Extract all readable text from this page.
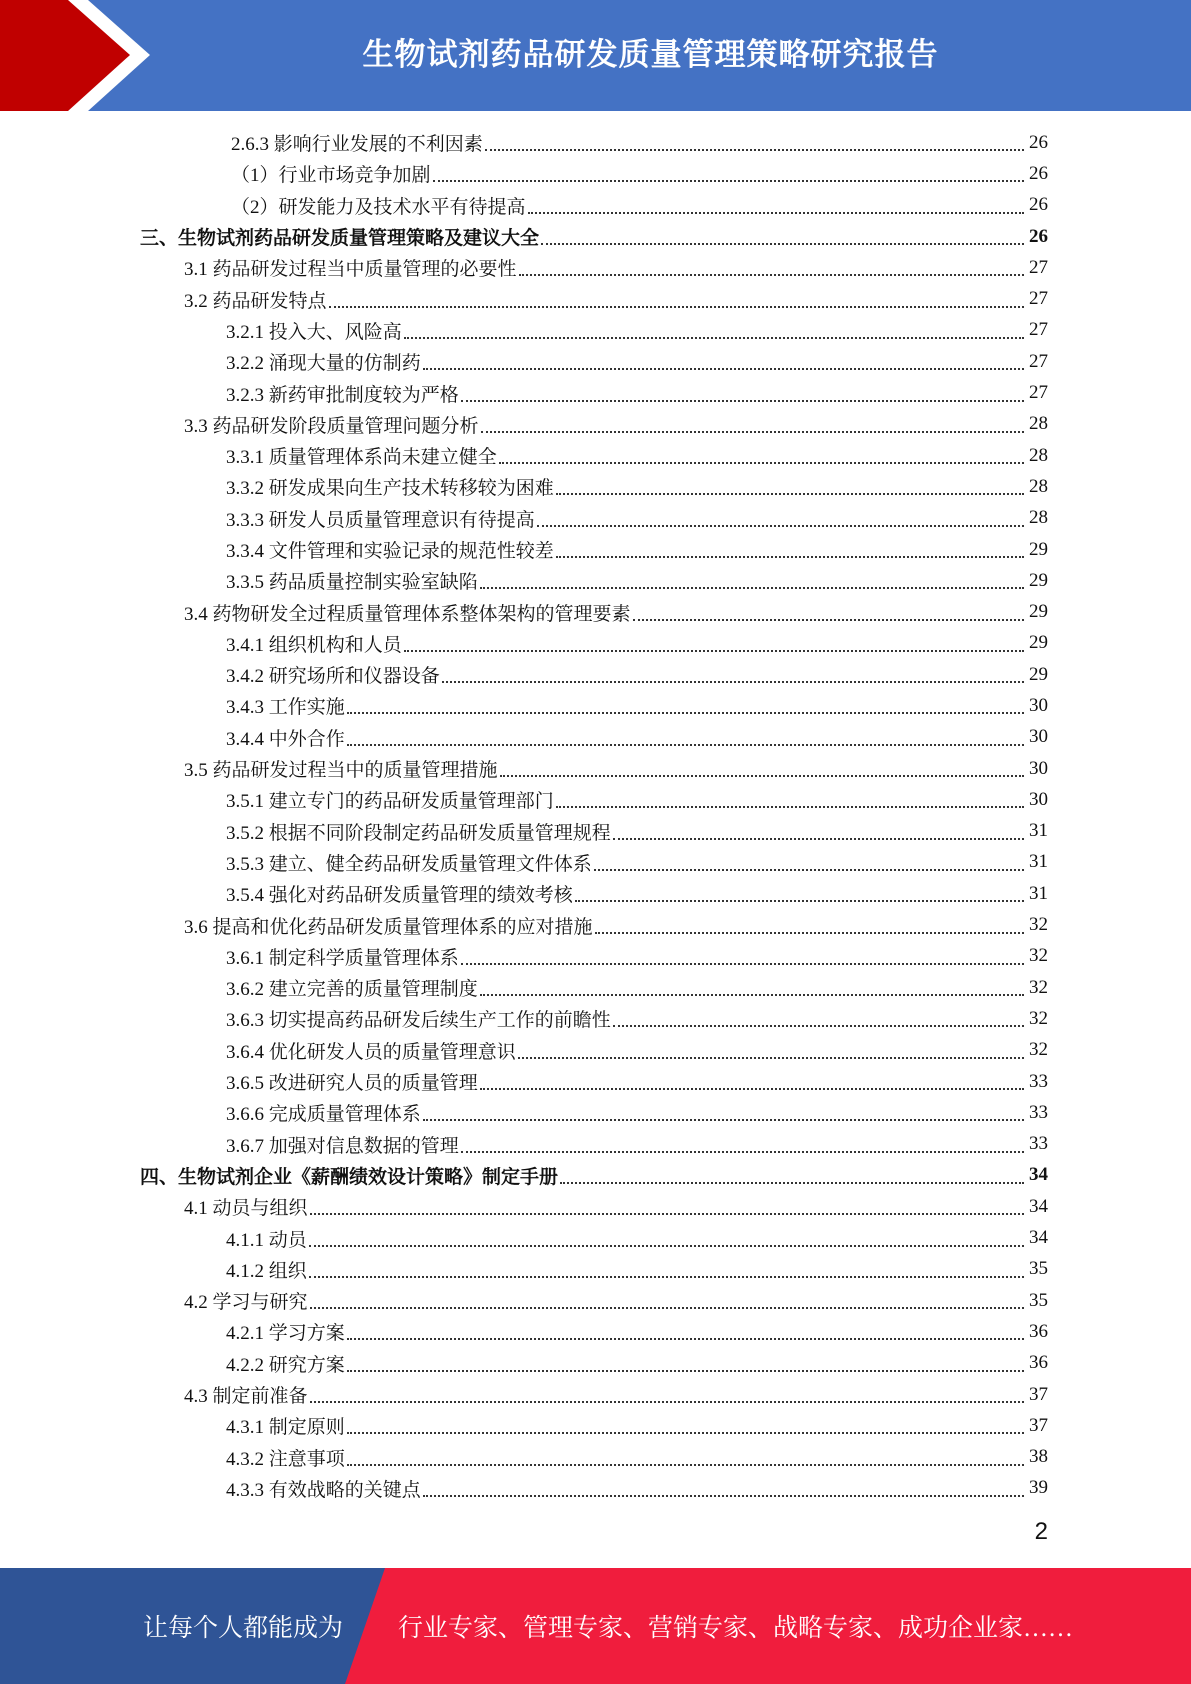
生物试剂药品研发质量管理策略研究报告
2.6.3 影响行业发展的不利因素	26
（1）行业市场竞争加剧	26
（2）研发能力及技术水平有待提高	26
三、生物试剂药品研发质量管理策略及建议大全	26
3.1 药品研发过程当中质量管理的必要性	27
3.2 药品研发特点	27
3.2.1 投入大、风险高	27
3.2.2 涌现大量的仿制药	27
3.2.3 新药审批制度较为严格	27
3.3 药品研发阶段质量管理问题分析	28
3.3.1 质量管理体系尚未建立健全	28
3.3.2 研发成果向生产技术转移较为困难	28
3.3.3 研发人员质量管理意识有待提高	28
3.3.4 文件管理和实验记录的规范性较差	29
3.3.5 药品质量控制实验室缺陷	29
3.4 药物研发全过程质量管理体系整体架构的管理要素	29
3.4.1 组织机构和人员	29
3.4.2 研究场所和仪器设备	29
3.4.3 工作实施	30
3.4.4 中外合作	30
3.5 药品研发过程当中的质量管理措施	30
3.5.1 建立专门的药品研发质量管理部门	30
3.5.2 根据不同阶段制定药品研发质量管理规程	31
3.5.3 建立、健全药品研发质量管理文件体系	31
3.5.4 强化对药品研发质量管理的绩效考核	31
3.6 提高和优化药品研发质量管理体系的应对措施	32
3.6.1 制定科学质量管理体系	32
3.6.2 建立完善的质量管理制度	32
3.6.3 切实提高药品研发后续生产工作的前瞻性	32
3.6.4 优化研发人员的质量管理意识	32
3.6.5 改进研究人员的质量管理	33
3.6.6 完成质量管理体系	33
3.6.7 加强对信息数据的管理	33
四、生物试剂企业《薪酬绩效设计策略》制定手册	34
4.1 动员与组织	34
4.1.1 动员	34
4.1.2 组织	35
4.2 学习与研究	35
4.2.1 学习方案	36
4.2.2 研究方案	36
4.3 制定前准备	37
4.3.1 制定原则	37
4.3.2 注意事项	38
4.3.3 有效战略的关键点	39
2
让每个人都能成为 行业专家、管理专家、营销专家、战略专家、成功企业家……
